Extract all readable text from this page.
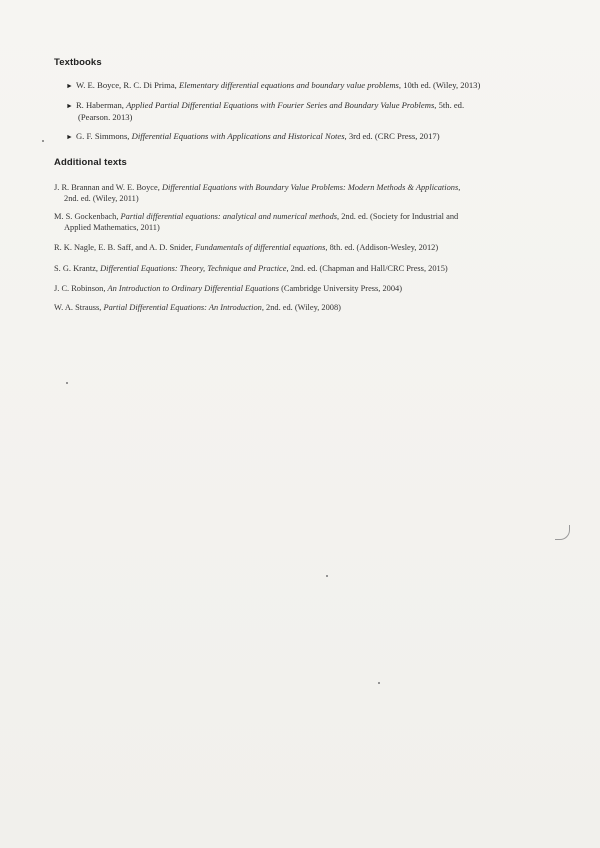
Textbooks
► W. E. Boyce, R. C. Di Prima, Elementary differential equations and boundary value problems, 10th ed. (Wiley, 2013)
► R. Haberman, Applied Partial Differential Equations with Fourier Series and Boundary Value Problems, 5th. ed.
(Pearson. 2013)
► G. F. Simmons, Differential Equations with Applications and Historical Notes, 3rd ed. (CRC Press, 2017)
Additional texts
J. R. Brannan and W. E. Boyce, Differential Equations with Boundary Value Problems: Modern Methods & Applications,
2nd. ed. (Wiley, 2011)
M. S. Gockenbach, Partial differential equations: analytical and numerical methods, 2nd. ed. (Society for Industrial and
Applied Mathematics, 2011)
R. K. Nagle, E. B. Saff, and A. D. Snider, Fundamentals of differential equations, 8th. ed. (Addison-Wesley, 2012)
S. G. Krantz, Differential Equations: Theory, Technique and Practice, 2nd. ed. (Chapman and Hall/CRC Press, 2015)
J. C. Robinson, An Introduction to Ordinary Differential Equations (Cambridge University Press, 2004)
W. A. Strauss, Partial Differential Equations: An Introduction, 2nd. ed. (Wiley, 2008)
